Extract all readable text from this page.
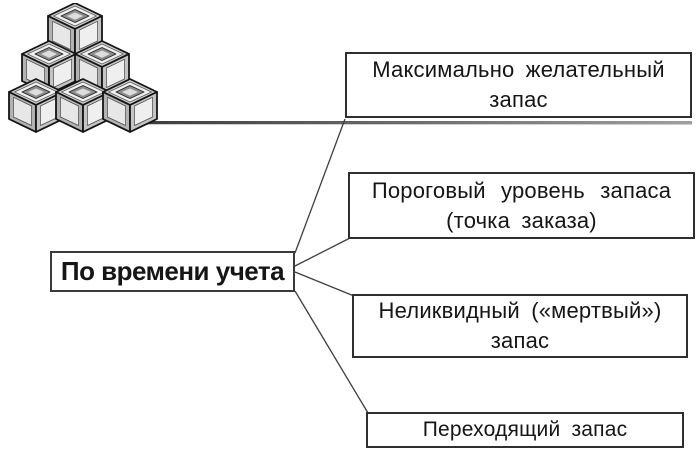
По времени учета
Максимально желательный
запас
Пороговый уровень запаса
(точка заказа)
Неликвидный («мертвый»)
запас
Переходящий запас
